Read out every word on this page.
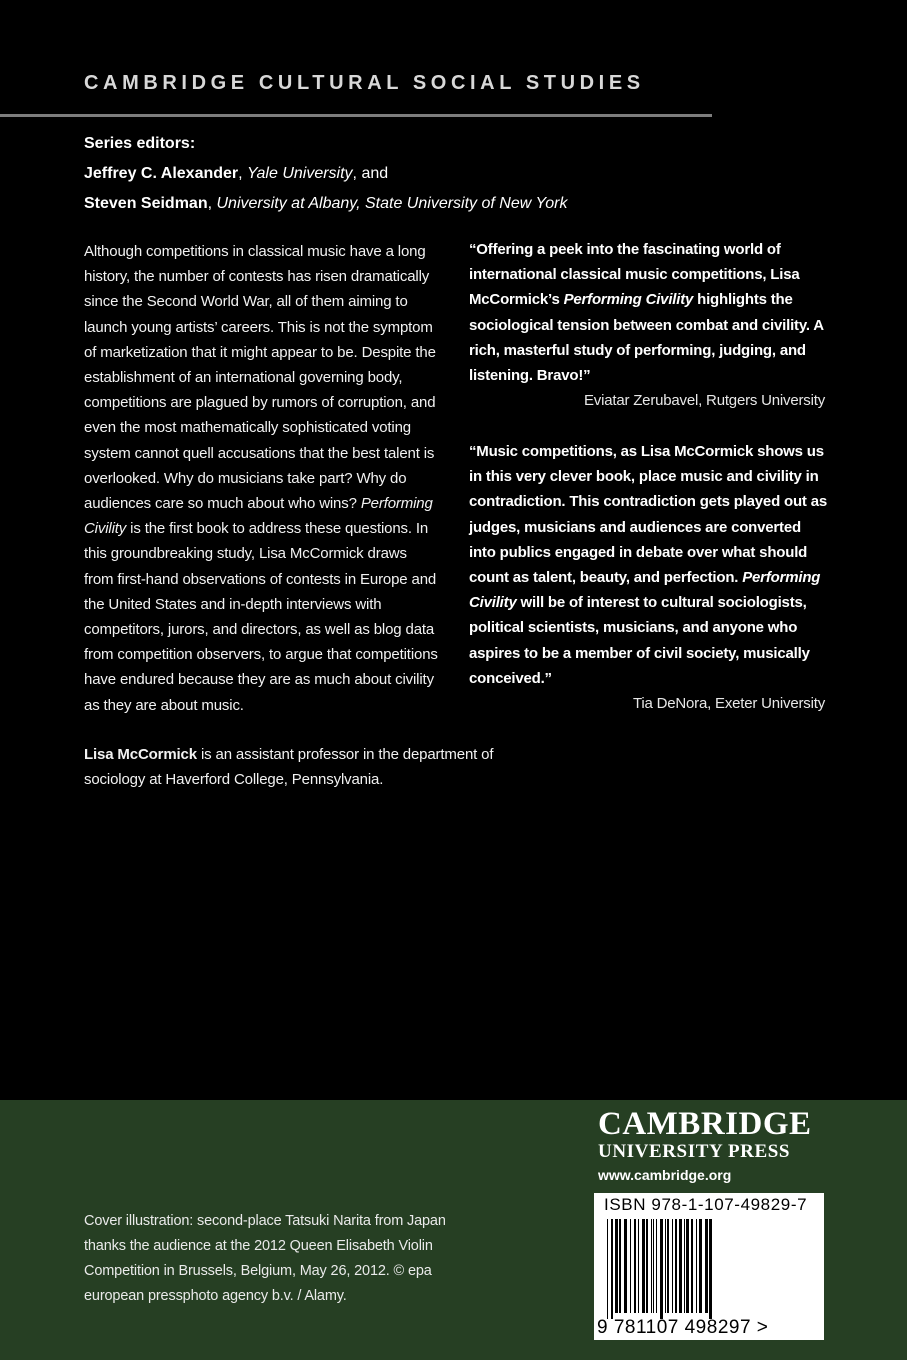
CAMBRIDGE CULTURAL SOCIAL STUDIES
Series editors:
Jeffrey C. Alexander, Yale University, and
Steven Seidman, University at Albany, State University of New York
Although competitions in classical music have a long history, the number of contests has risen dramatically since the Second World War, all of them aiming to launch young artists’ careers. This is not the symptom of marketization that it might appear to be. Despite the establishment of an international governing body, competitions are plagued by rumors of corruption, and even the most mathematically sophisticated voting system cannot quell accusations that the best talent is overlooked. Why do musicians take part? Why do audiences care so much about who wins? Performing Civility is the first book to address these questions. In this groundbreaking study, Lisa McCormick draws from first-hand observations of contests in Europe and the United States and in-depth interviews with competitors, jurors, and directors, as well as blog data from competition observers, to argue that competitions have endured because they are as much about civility as they are about music.
Lisa McCormick is an assistant professor in the department of sociology at Haverford College, Pennsylvania.
“Offering a peek into the fascinating world of international classical music competitions, Lisa McCormick’s Performing Civility highlights the sociological tension between combat and civility. A rich, masterful study of performing, judging, and listening. Bravo!”
Eviatar Zerubavel, Rutgers University
“Music competitions, as Lisa McCormick shows us in this very clever book, place music and civility in contradiction. This contradiction gets played out as judges, musicians and audiences are converted into publics engaged in debate over what should count as talent, beauty, and perfection. Performing Civility will be of interest to cultural sociologists, political scientists, musicians, and anyone who aspires to be a member of civil society, musically conceived.”
Tia DeNora, Exeter University
Cover illustration: second-place Tatsuki Narita from Japan thanks the audience at the 2012 Queen Elisabeth Violin Competition in Brussels, Belgium, May 26, 2012. © epa european pressphoto agency b.v. / Alamy.
CAMBRIDGE
UNIVERSITY PRESS
www.cambridge.org
ISBN 978-1-107-49829-7
9 781107 498297 >
